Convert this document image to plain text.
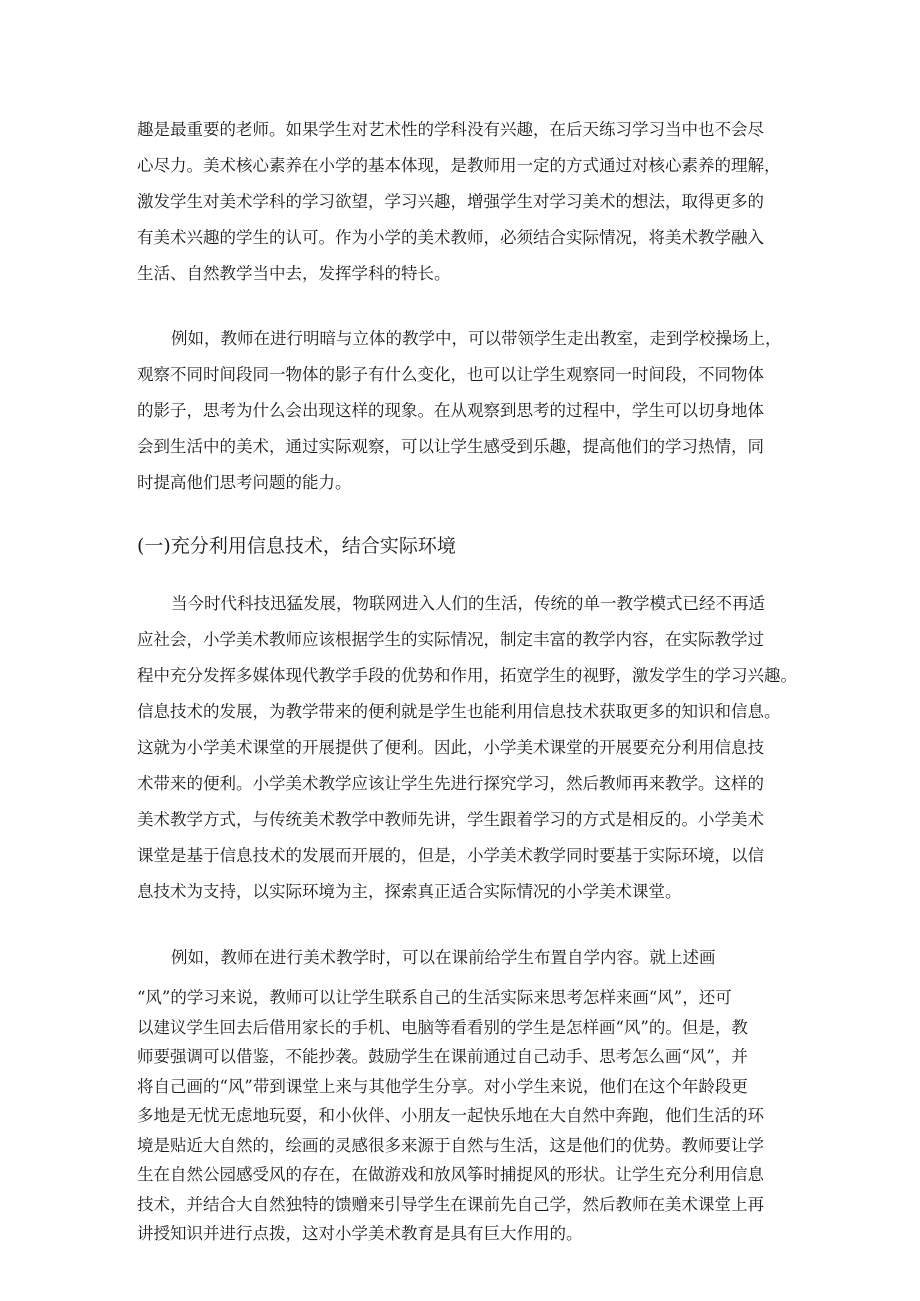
趣是最重要的老师。如果学生对艺术性的学科没有兴趣，在后天练习学习当中也不会尽
心尽力。美术核心素养在小学的基本体现，是教师用一定的方式通过对核心素养的理解，
激发学生对美术学科的学习欲望，学习兴趣，增强学生对学习美术的想法，取得更多的
有美术兴趣的学生的认可。作为小学的美术教师，必须结合实际情况，将美术教学融入
生活、自然教学当中去，发挥学科的特长。
例如，教师在进行明暗与立体的教学中，可以带领学生走出教室，走到学校操场上，
观察不同时间段同一物体的影子有什么变化，也可以让学生观察同一时间段，不同物体
的影子，思考为什么会出现这样的现象。在从观察到思考的过程中，学生可以切身地体
会到生活中的美术，通过实际观察，可以让学生感受到乐趣，提高他们的学习热情，同
时提高他们思考问题的能力。
(一)充分利用信息技术，结合实际环境
当今时代科技迅猛发展，物联网进入人们的生活，传统的单一教学模式已经不再适
应社会，小学美术教师应该根据学生的实际情况，制定丰富的教学内容，在实际教学过
程中充分发挥多媒体现代教学手段的优势和作用，拓宽学生的视野，激发学生的学习兴趣。
信息技术的发展，为教学带来的便利就是学生也能利用信息技术获取更多的知识和信息。
这就为小学美术课堂的开展提供了便利。因此，小学美术课堂的开展要充分利用信息技
术带来的便利。小学美术教学应该让学生先进行探究学习，然后教师再来教学。这样的
美术教学方式，与传统美术教学中教师先讲，学生跟着学习的方式是相反的。小学美术
课堂是基于信息技术的发展而开展的，但是，小学美术教学同时要基于实际环境，以信
息技术为支持，以实际环境为主，探索真正适合实际情况的小学美术课堂。
例如，教师在进行美术教学时，可以在课前给学生布置自学内容。就上述画
“风”的学习来说，教师可以让学生联系自己的生活实际来思考怎样来画“风”，还可
以建议学生回去后借用家长的手机、电脑等看看别的学生是怎样画“风”的。但是，教
师要强调可以借鉴，不能抄袭。鼓励学生在课前通过自己动手、思考怎么画“风”，并
将自己画的“风”带到课堂上来与其他学生分享。对小学生来说，他们在这个年龄段更
多地是无忧无虑地玩耍，和小伙伴、小朋友一起快乐地在大自然中奔跑，他们生活的环
境是贴近大自然的，绘画的灵感很多来源于自然与生活，这是他们的优势。教师要让学
生在自然公园感受风的存在，在做游戏和放风筝时捕捉风的形状。让学生充分利用信息
技术，并结合大自然独特的馈赠来引导学生在课前先自己学，然后教师在美术课堂上再
讲授知识并进行点拨，这对小学美术教育是具有巨大作用的。
